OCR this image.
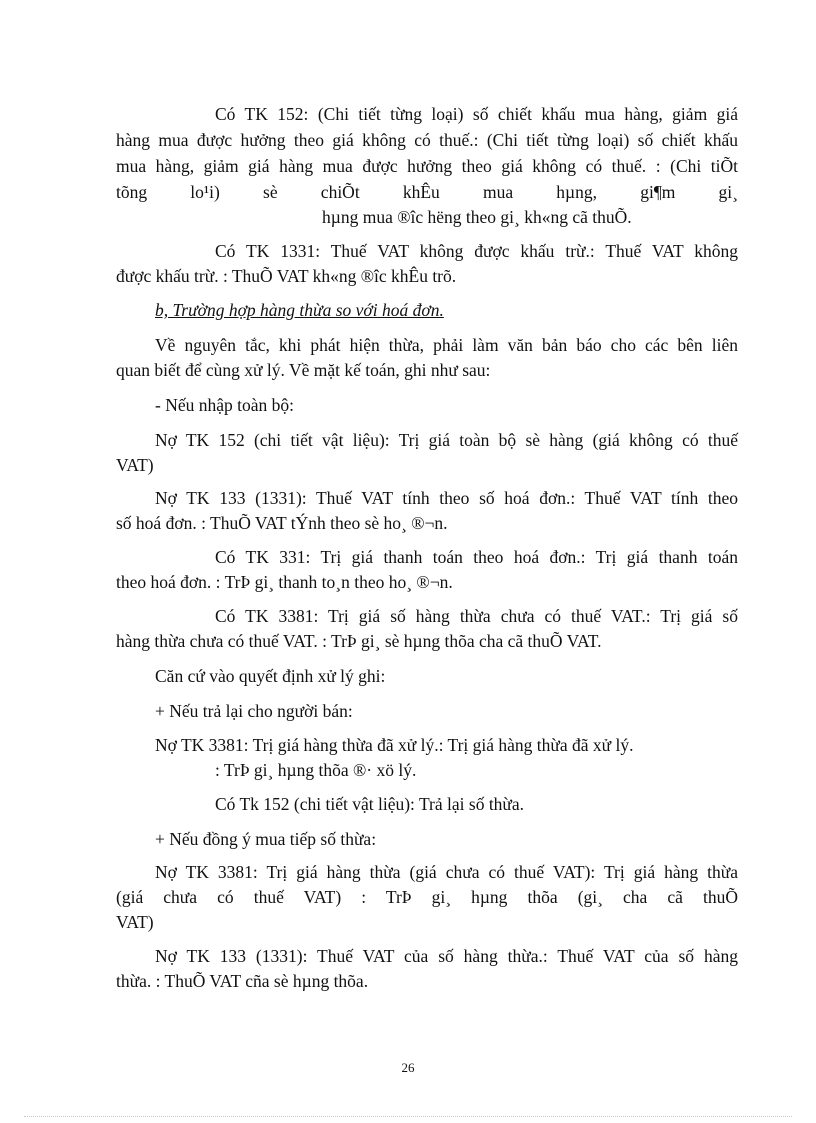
Có TK 152: (Chi tiết từng loại) số chiết khấu mua hàng, giảm giá
hàng mua được hưởng theo giá không có thuế.: (Chi tiết từng loại) số chiết khấu
mua hàng, giảm giá hàng mua được hưởng theo giá không có thuế. : (Chi tiÕt
tõng lo¹i) sè chiÕt khÊu mua hµng, gi¶m gi¸
hµng mua ®îc hëng theo gi¸ kh«ng cã thuÕ.
Có TK 1331: Thuế VAT không được khấu trừ.: Thuế VAT không
được khấu trừ. : ThuÕ VAT kh«ng ®îc khÊu trõ.
b, Trường hợp hàng thừa so với hoá đơn.
Về nguyên tắc, khi phát hiện thừa, phải làm văn bản báo cho các bên liên
quan biết để cùng xử lý. Về mặt kế toán, ghi như sau:
- Nếu nhập toàn bộ:
Nợ TK 152 (chi tiết vật liệu): Trị giá toàn bộ sè hàng (giá không có thuế
VAT)
Nợ TK 133 (1331): Thuế VAT tính theo số hoá đơn.: Thuế VAT tính theo
số hoá đơn. : ThuÕ VAT tÝnh theo sè ho¸ ®¬n.
Có TK 331: Trị giá thanh toán theo hoá đơn.: Trị giá thanh toán
theo hoá đơn. : TrÞ gi¸ thanh to¸n theo ho¸ ®¬n.
Có TK 3381: Trị giá số hàng thừa chưa có thuế VAT.: Trị giá số
hàng thừa chưa có thuế VAT. : TrÞ gi¸ sè hµng thõa cha cã thuÕ VAT.
Căn cứ vào quyết định xử lý ghi:
+ Nếu trả lại cho người bán:
Nợ TK 3381: Trị giá hàng thừa đã xử lý.: Trị giá hàng thừa đã xử lý.
: TrÞ gi¸ hµng thõa ®· xö lý.
Có Tk 152 (chi tiết vật liệu): Trả lại số thừa.
+ Nếu đồng ý mua tiếp số thừa:
Nợ TK 3381: Trị giá hàng thừa (giá chưa có thuế VAT): Trị giá hàng thừa
(giá chưa có thuế VAT) : TrÞ gi¸ hµng thõa (gi¸ cha cã thuÕ
VAT)
Nợ TK 133 (1331): Thuế VAT của số hàng thừa.: Thuế VAT của số hàng
thừa. : ThuÕ VAT cña sè hµng thõa.
26
